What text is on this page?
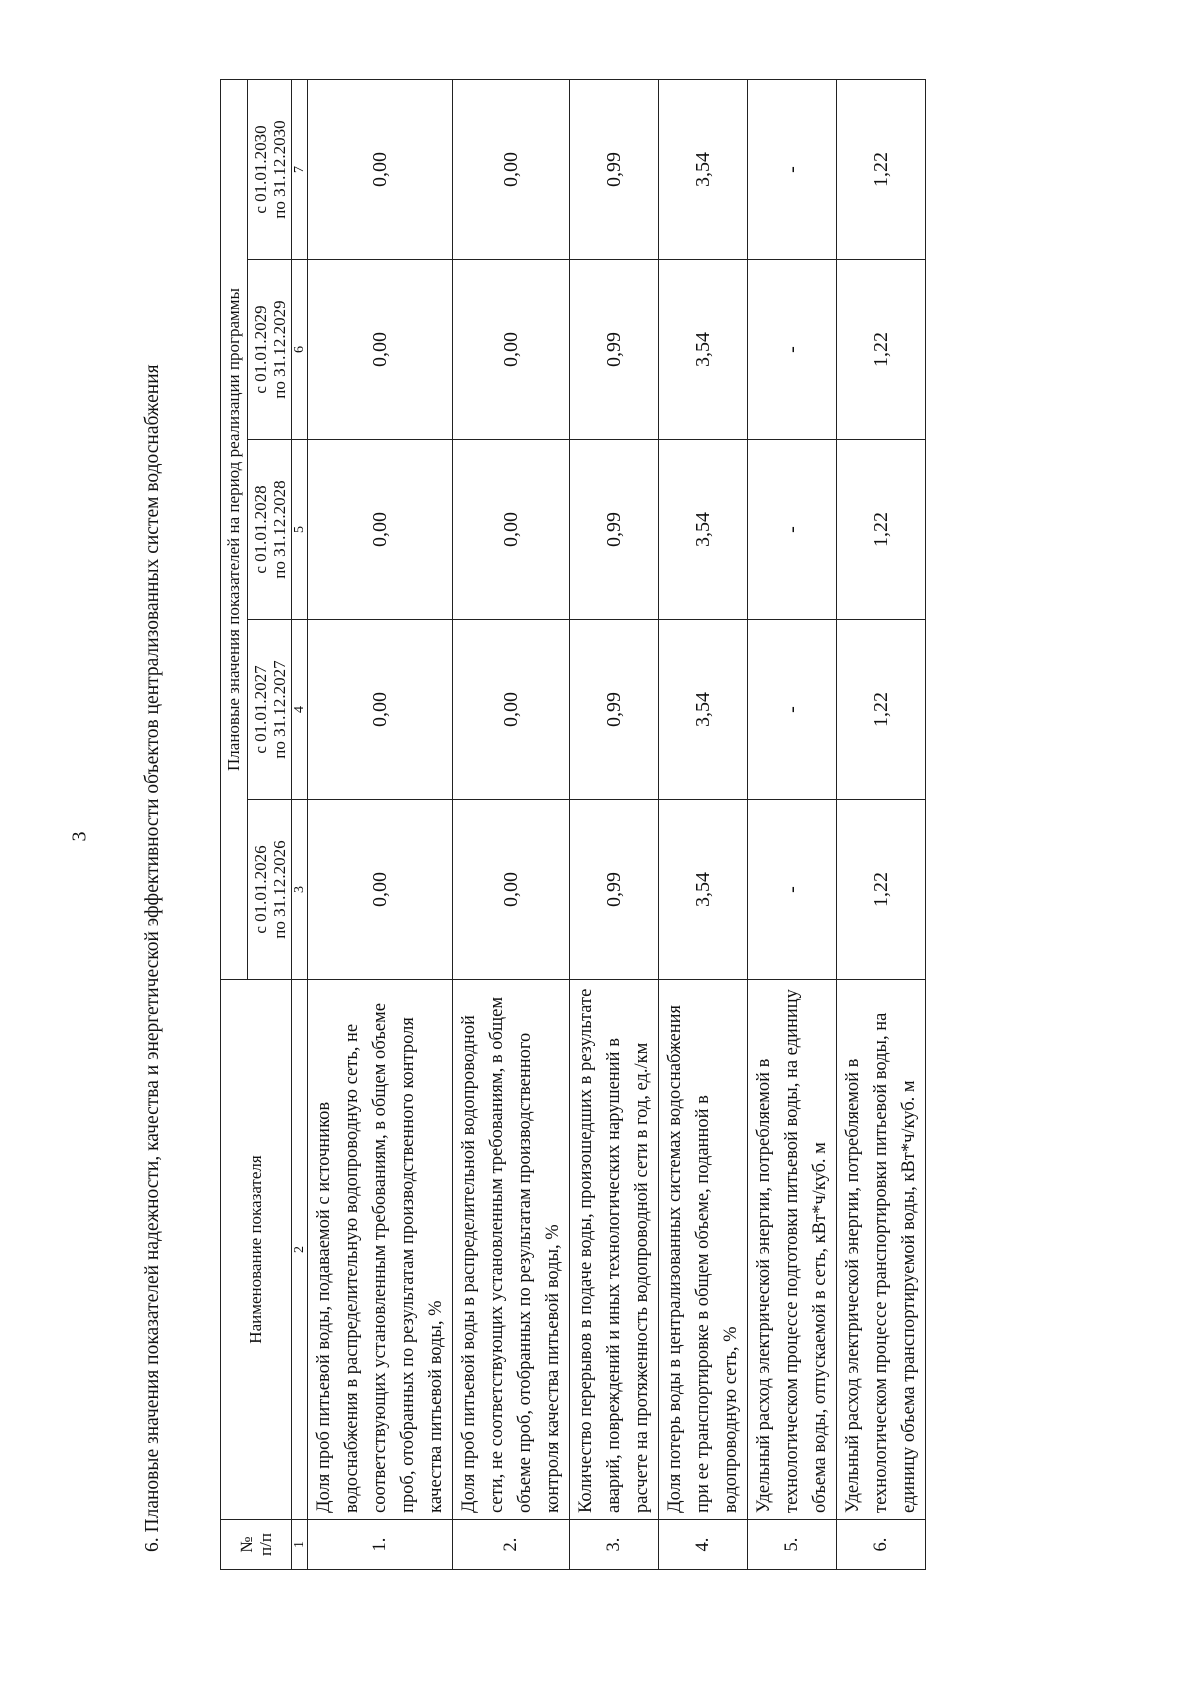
3	6. Плановые значения показателей надежности, качества и энергетической эффективности объектов централизованных систем водоснабжения	№
п/п	Наименование показателя	Плановые значения показателей на период реализации программы				
		с 01.01.2026
по 31.12.2026	с 01.01.2027
по 31.12.2027	с 01.01.2028
по 31.12.2028	с 01.01.2029
по 31.12.2029	с 01.01.2030
по 31.12.2030
1	2	3	4	5	6	7
1.	Доля проб питьевой воды, подаваемой с источников водоснабжения в распределительную водопроводную сеть, не соответствующих установленным требованиям, в общем объеме проб, отобранных по результатам производственного контроля качества питьевой воды, %	0,00	0,00	0,00	0,00	0,00
2.	Доля проб питьевой воды в распределительной водопроводной сети, не соответствующих установленным требованиям, в общем объеме проб, отобранных по результатам производственного контроля качества питьевой воды, %	0,00	0,00	0,00	0,00	0,00
3.	Количество перерывов в подаче воды, произошедших в результате аварий, повреждений и иных технологических нарушений в расчете на протяженность водопроводной сети в год, ед./км	0,99	0,99	0,99	0,99	0,99
4.	Доля потерь воды в централизованных системах водоснабжения при ее транспортировке в общем объеме, поданной в водопроводную сеть, %	3,54	3,54	3,54	3,54	3,54
5.	Удельный расход электрической энергии, потребляемой в технологическом процессе подготовки питьевой воды, на единицу объема воды, отпускаемой в сеть, кВт*ч/куб. м	-	-	-	-	-
6.	Удельный расход электрической энергии, потребляемой в технологическом процессе транспортировки питьевой воды, на единицу объема транспортируемой воды, кВт*ч/куб. м	1,22	1,22	1,22	1,22	1,22
